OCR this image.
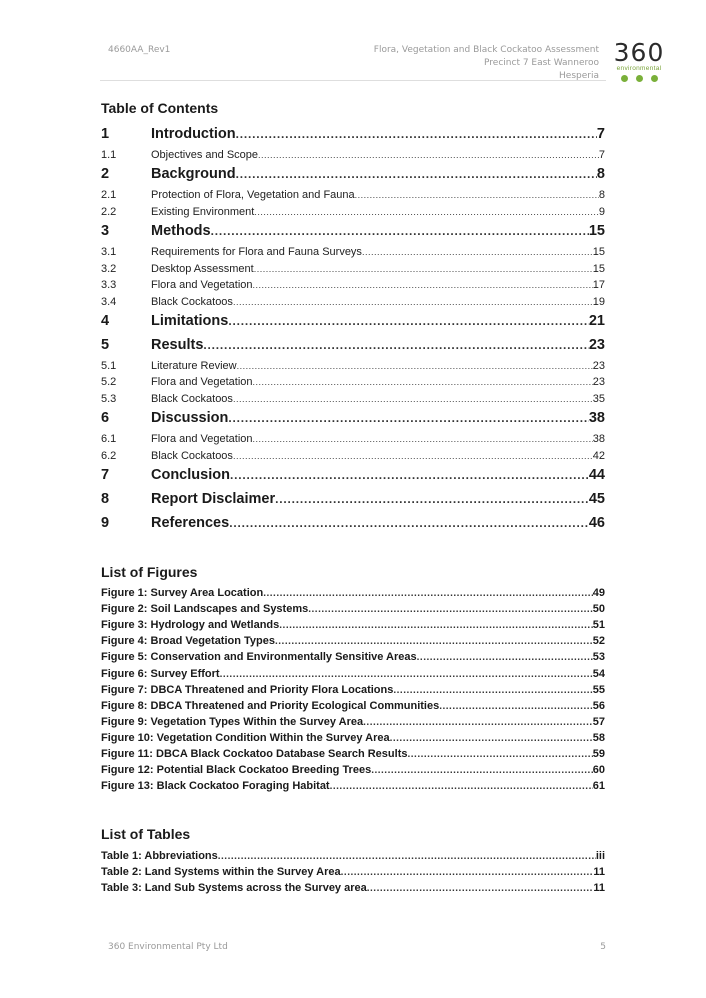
4660AA_Rev1	Flora, Vegetation and Black Cockatoo Assessment
Precinct 7 East Wanneroo
Hesperia
360
environmental
Table of Contents
1	Introduction .....	7
1.1	Objectives and Scope .....	7
2	Background .....	8
2.1	Protection of Flora, Vegetation and Fauna .....	8
2.2	Existing Environment .....	9
3	Methods .....	15
3.1	Requirements for Flora and Fauna Surveys .....	15
3.2	Desktop Assessment .....	15
3.3	Flora and Vegetation .....	17
3.4	Black Cockatoos .....	19
4	Limitations .....	21
5	Results .....	23
5.1	Literature Review .....	23
5.2	Flora and Vegetation .....	23
5.3	Black Cockatoos .....	35
6	Discussion .....	38
6.1	Flora and Vegetation .....	38
6.2	Black Cockatoos .....	42
7	Conclusion .....	44
8	Report Disclaimer .....	45
9	References .....	46
List of Figures
Figure 1: Survey Area Location .....	49
Figure 2: Soil Landscapes and Systems .....	50
Figure 3: Hydrology and Wetlands .....	51
Figure 4: Broad Vegetation Types .....	52
Figure 5: Conservation and Environmentally Sensitive Areas .....	53
Figure 6: Survey Effort .....	54
Figure 7: DBCA Threatened and Priority Flora Locations .....	55
Figure 8: DBCA Threatened and Priority Ecological Communities .....	56
Figure 9: Vegetation Types Within the Survey Area .....	57
Figure 10: Vegetation Condition Within the Survey Area .....	58
Figure 11: DBCA Black Cockatoo Database Search Results .....	59
Figure 12: Potential Black Cockatoo Breeding Trees .....	60
Figure 13: Black Cockatoo Foraging Habitat .....	61
List of Tables
Table 1: Abbreviations .....	iii
Table 2: Land Systems within the Survey Area .....	11
Table 3: Land Sub Systems across the Survey area .....	11
360 Environmental Pty Ltd	5
